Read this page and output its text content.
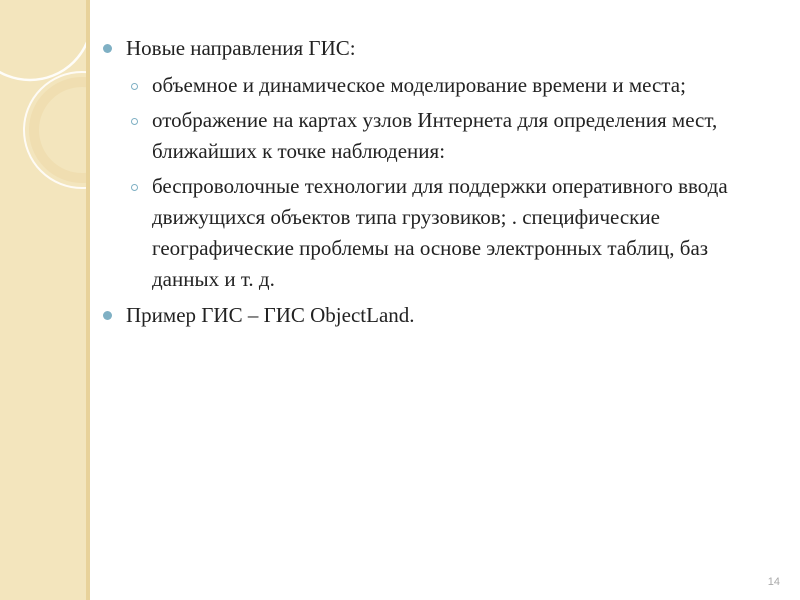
Новые направления ГИС:
объемное и динамическое моделирование времени и места;
отображение на картах узлов Интернета для определения мест, ближайших к точке наблюдения:
беспроволочные технологии для поддержки оперативного ввода движущихся объектов типа грузовиков; . специфические географические проблемы на основе электронных таблиц, баз данных и т. д.
Пример ГИС – ГИС ObjectLand.
14
